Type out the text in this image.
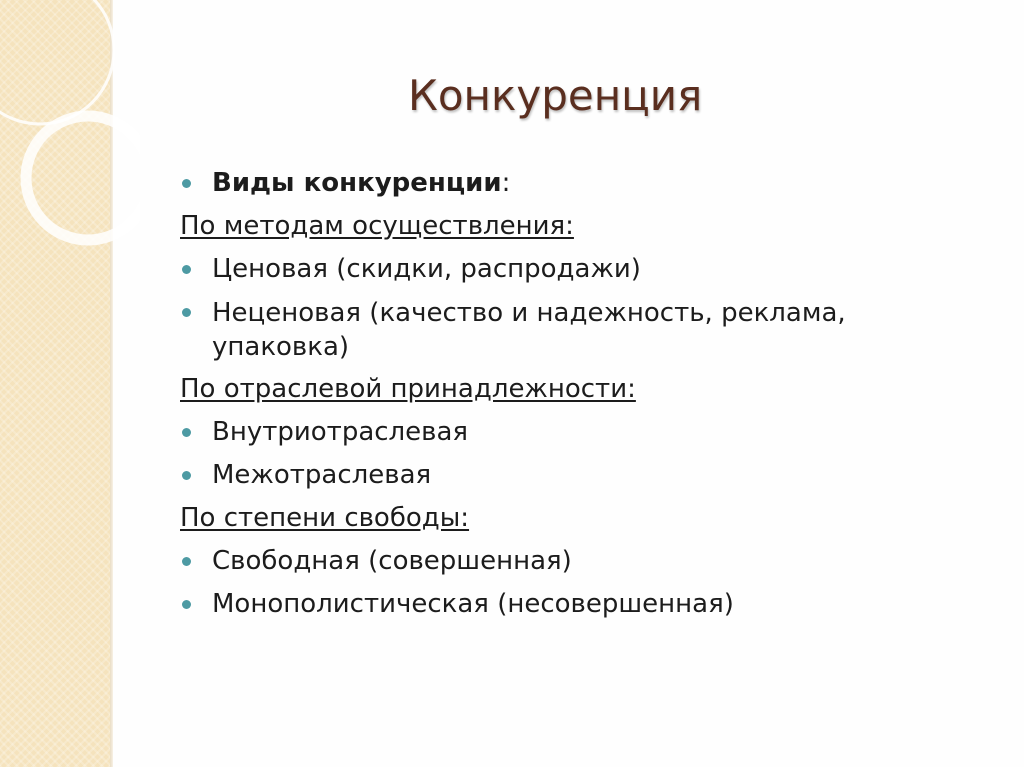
Конкуренция
Виды конкуренции:
По методам осуществления:
Ценовая (скидки, распродажи)
Неценовая (качество и надежность, реклама, упаковка)
По отраслевой принадлежности:
Внутриотраслевая
Межотраслевая
По степени свободы:
Свободная (совершенная)
Монополистическая (несовершенная)
